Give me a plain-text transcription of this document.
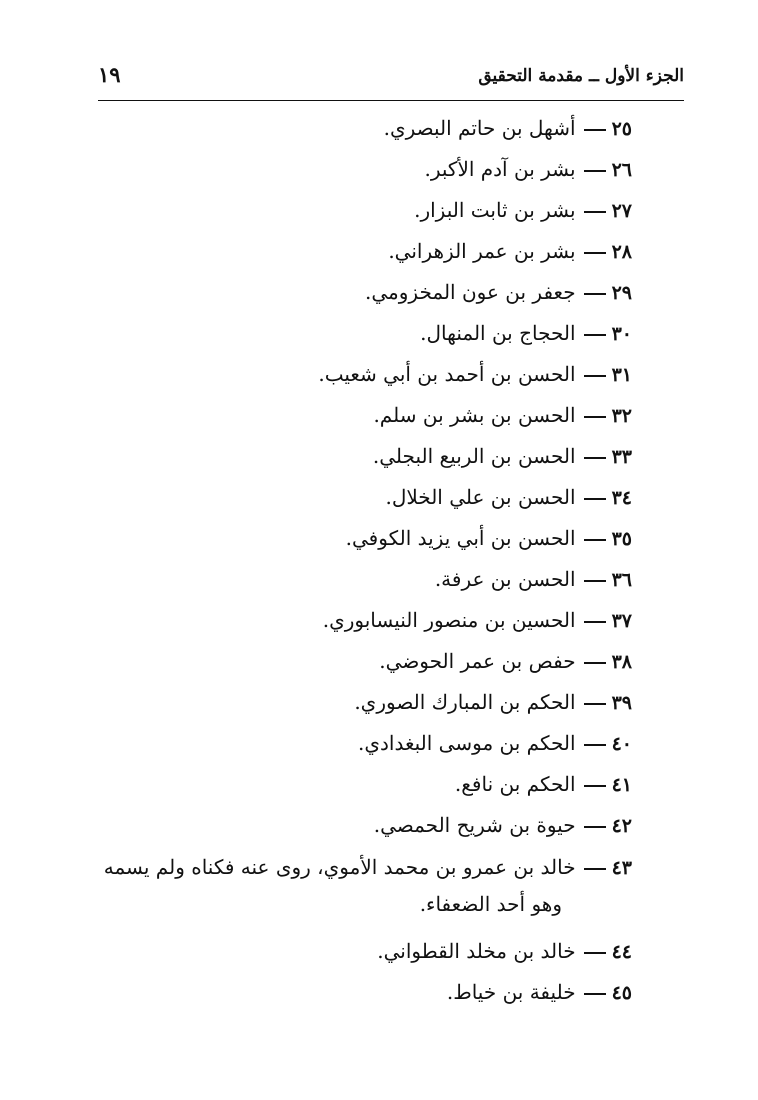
الجزء الأول ــ مقدمة التحقيق
١٩
٢٥أشهل بن حاتم البصري.
٢٦بشر بن آدم الأكبر.
٢٧بشر بن ثابت البزار.
٢٨بشر بن عمر الزهراني.
٢٩جعفر بن عون المخزومي.
٣٠الحجاج بن المنهال.
٣١الحسن بن أحمد بن أبي شعيب.
٣٢الحسن بن بشر بن سلم.
٣٣الحسن بن الربيع البجلي.
٣٤الحسن بن علي الخلال.
٣٥الحسن بن أبي يزيد الكوفي.
٣٦الحسن بن عرفة.
٣٧الحسين بن منصور النيسابوري.
٣٨حفص بن عمر الحوضي.
٣٩الحكم بن المبارك الصوري.
٤٠الحكم بن موسى البغدادي.
٤١الحكم بن نافع.
٤٢حيوة بن شريح الحمصي.
٤٣خالد بن عمرو بن محمد الأموي، روى عنه فكناه ولم يسمه
وهو أحد الضعفاء.
٤٤خالد بن مخلد القطواني.
٤٥خليفة بن خياط.
